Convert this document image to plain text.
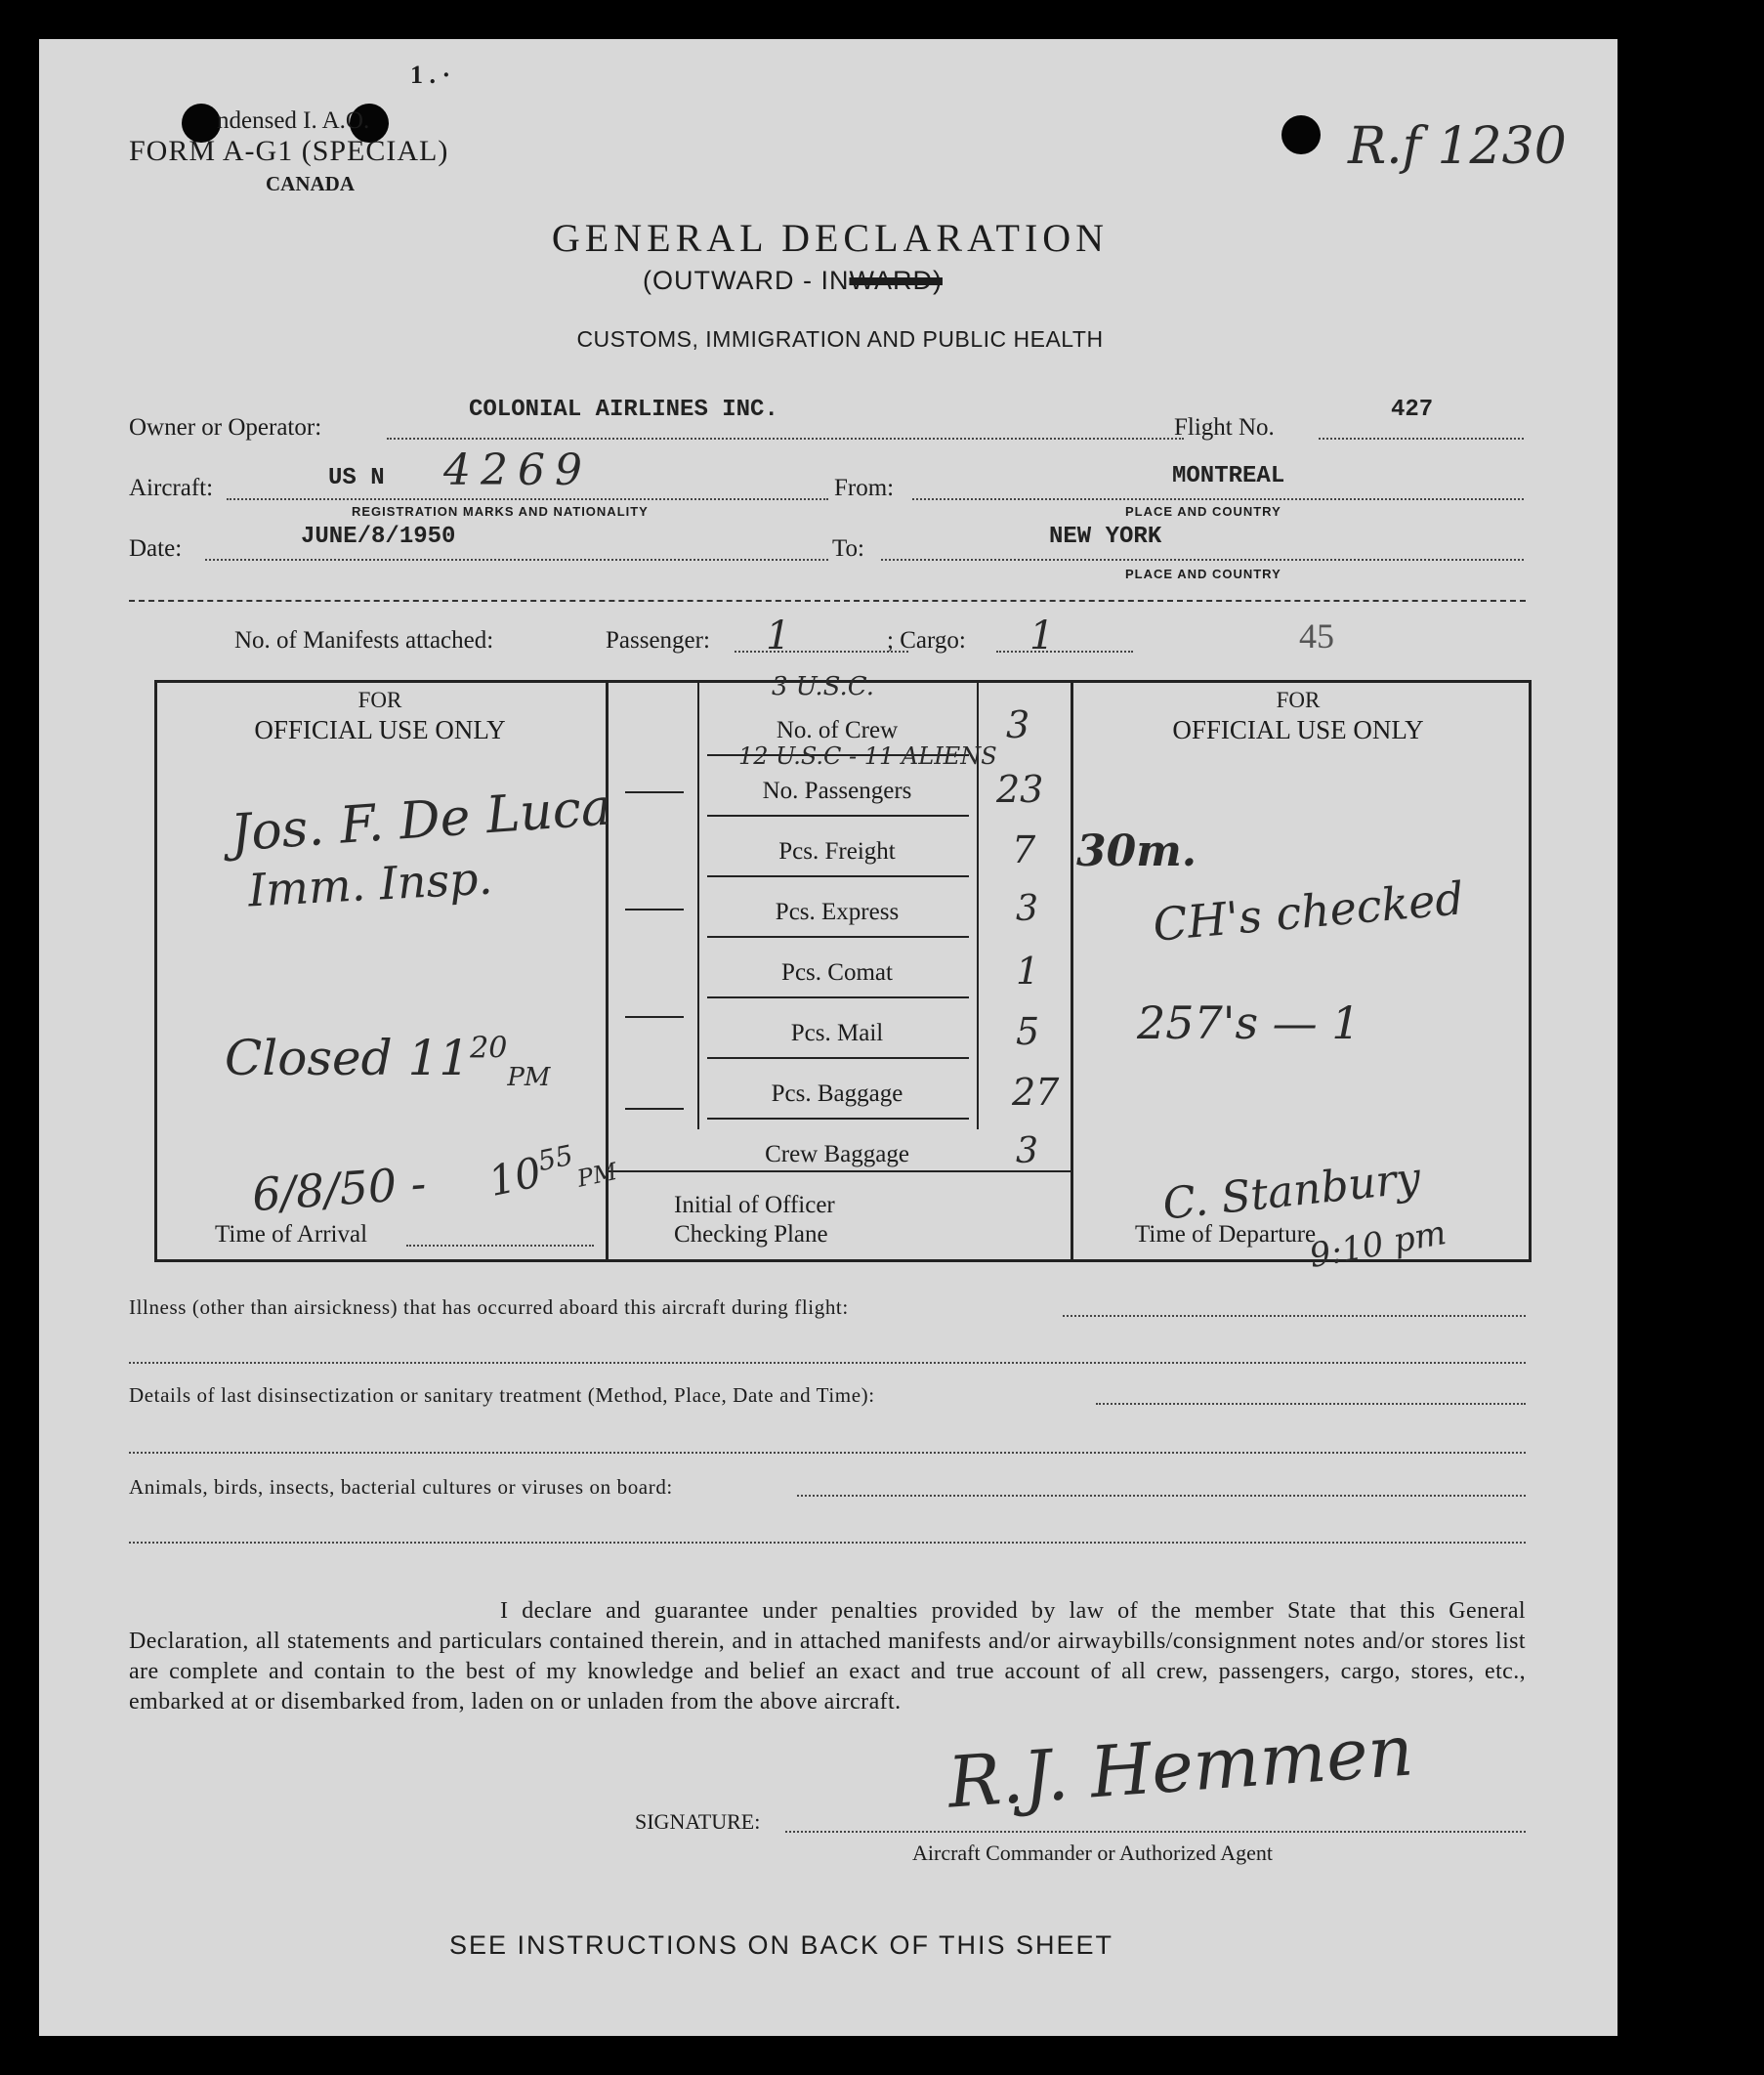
1 . ·
ndensed I. A.O.
FORM A-G1 (SPECIAL)
CANADA
R.f 1230
GENERAL DECLARATION
(OUTWARD - INWARD)
CUSTOMS, IMMIGRATION AND PUBLIC HEALTH
Owner or Operator:
COLONIAL AIRLINES INC.
Flight No.
427
Aircraft:	US N 4269
REGISTRATION MARKS AND NATIONALITY
From:	MONTREAL
PLACE AND COUNTRY
Date:	JUNE/8/1950	To:	NEW YORK
PLACE AND COUNTRY
No. of Manifests attached:	Passenger: 1	; Cargo: 1	45
FOR
OFFICIAL USE ONLY
FOR
OFFICIAL USE ONLY
No. of Crew	3
No. Passengers	23
Pcs. Freight	7
Pcs. Express	3
Pcs. Comat	1
Pcs. Mail	5
Pcs. Baggage	27
Crew Baggage	3
3 U.S.C.
12 U.S.C - 11 ALIENS
Initial of Officer
Checking Plane
Time of Arrival	Time of Departure
Jos. F. De Luca
Imm. Insp.
Closed $11^{20}_{PM}$
$6/8/50 - 10^{55}_{PM}$
30m.
CH's checked
257's — 1
C. Stanbury
9:10 pm
Illness (other than airsickness) that has occurred aboard this aircraft during flight:
Details of last disinsectization or sanitary treatment (Method, Place, Date and Time):
Animals, birds, insects, bacterial cultures or viruses on board:
I declare and guarantee under penalties provided by law of the member State that this General Declaration, all statements and particulars contained therein, and in attached manifests and/or airwaybills/consignment notes and/or stores list are complete and contain to the best of my knowledge and belief an exact and true account of all crew, passengers, cargo, stores, etc., embarked at or disembarked from, laden on or unladen from the above aircraft.
SIGNATURE:	R.J. Hemmen
Aircraft Commander or Authorized Agent
SEE INSTRUCTIONS ON BACK OF THIS SHEET
